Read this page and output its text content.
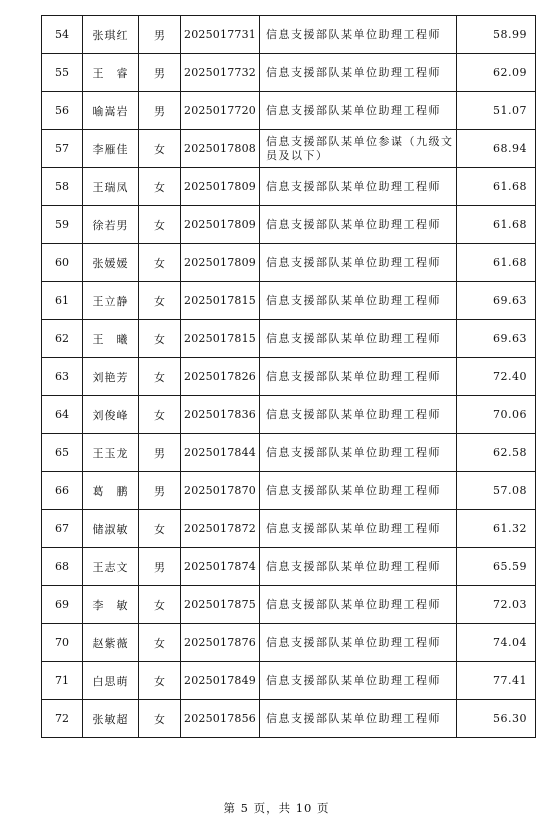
54	张琪红	男	2025017731	信息支援部队某单位助理工程师	58.99
55	王　睿	男	2025017732	信息支援部队某单位助理工程师	62.09
56	喻嵩岩	男	2025017720	信息支援部队某单位助理工程师	51.07
57	李雁佳	女	2025017808	信息支援部队某单位参谋（九级文员及以下）	68.94
58	王瑞凤	女	2025017809	信息支援部队某单位助理工程师	61.68
59	徐若男	女	2025017809	信息支援部队某单位助理工程师	61.68
60	张媛媛	女	2025017809	信息支援部队某单位助理工程师	61.68
61	王立静	女	2025017815	信息支援部队某单位助理工程师	69.63
62	王　曦	女	2025017815	信息支援部队某单位助理工程师	69.63
63	刘艳芳	女	2025017826	信息支援部队某单位助理工程师	72.40
64	刘俊峰	女	2025017836	信息支援部队某单位助理工程师	70.06
65	王玉龙	男	2025017844	信息支援部队某单位助理工程师	62.58
66	葛　鹏	男	2025017870	信息支援部队某单位助理工程师	57.08
67	储淑敏	女	2025017872	信息支援部队某单位助理工程师	61.32
68	王志文	男	2025017874	信息支援部队某单位助理工程师	65.59
69	李　敏	女	2025017875	信息支援部队某单位助理工程师	72.03
70	赵紫薇	女	2025017876	信息支援部队某单位助理工程师	74.04
71	白思萌	女	2025017849	信息支援部队某单位助理工程师	77.41
72	张敏超	女	2025017856	信息支援部队某单位助理工程师	56.30
第 5 页，共 10 页
